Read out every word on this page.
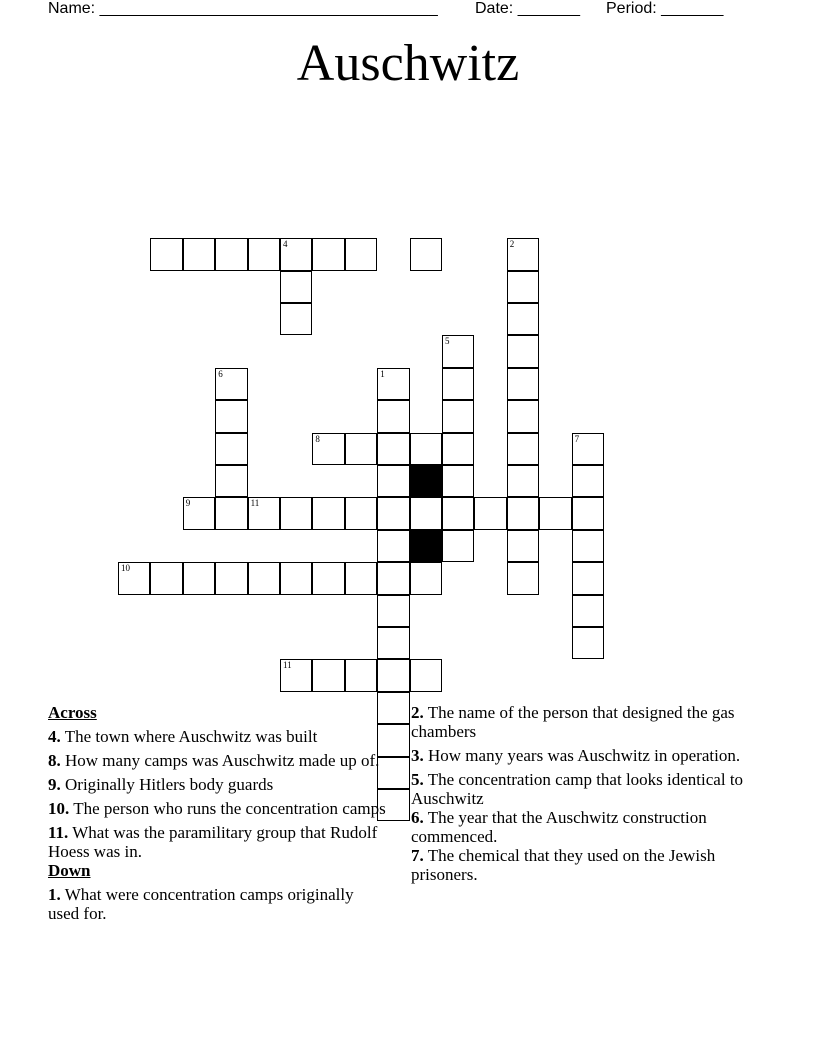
Name: ______________________________________

Date: _______

Period: _______

Auschwitz
1
2
11
4
5
6
8
9
7
10
11
Across
4. The town where Auschwitz was built
8. How many camps was Auschwitz made up of.
9. Originally Hitlers body guards
10. The person who runs the concentration camps
11. What was the paramilitary group that Rudolf Hoess was in.
Down
1. What were concentration camps originally used for.
2. The name of the person that designed the gas chambers
3. How many years was Auschwitz in operation.
5. The concentration camp that looks identical to Auschwitz
6. The year that the Auschwitz construction commenced.
7. The chemical that they used on the Jewish prisoners.
